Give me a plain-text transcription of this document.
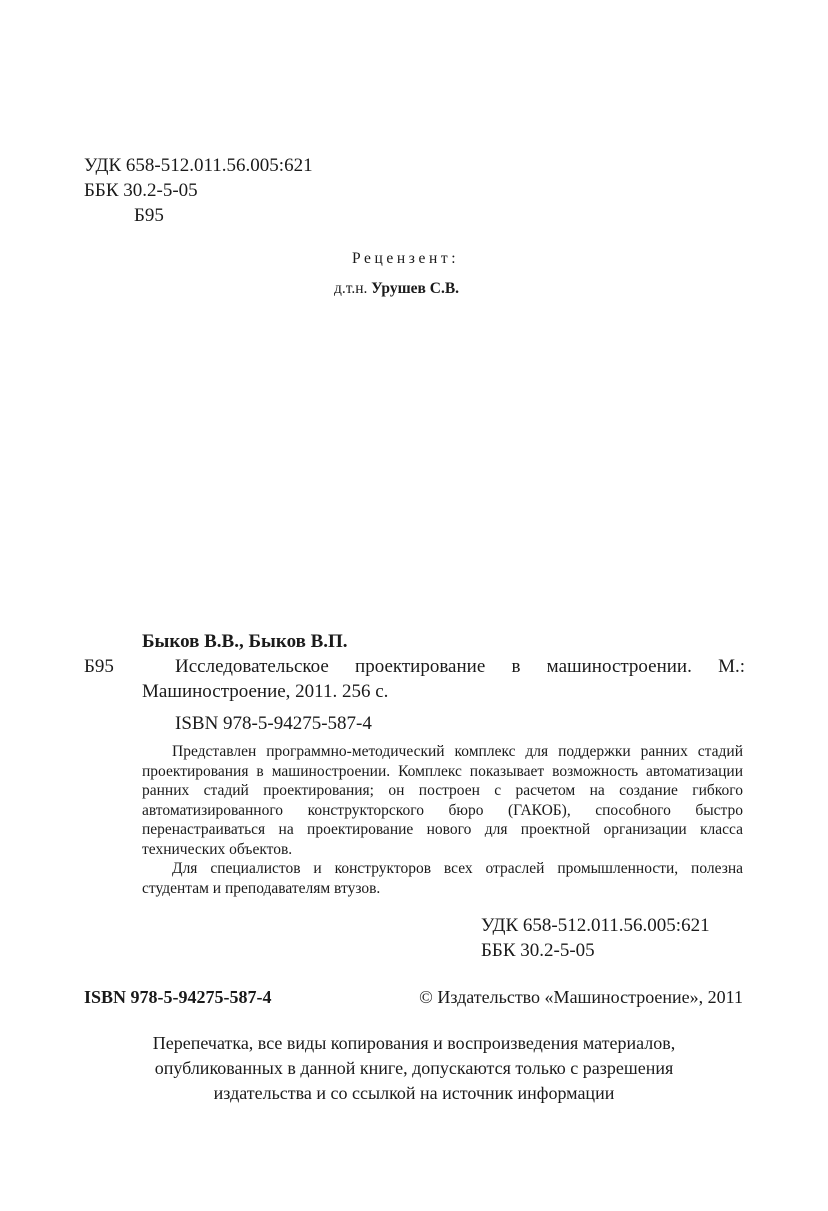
УДК 658-512.011.56.005:621
ББК 30.2-5-05
Б95
Рецензент:
д.т.н. Урушев С.В.
Быков В.В., Быков В.П.
Б95	Исследовательское проектирование в машиностроении. М.:
Машиностроение, 2011. 256 с.
ISBN 978-5-94275-587-4

Представлен программно-методический комплекс для поддержки ранних стадий проектирования в машиностроении. Комплекс показывает возможность автоматизации ранних стадий проектирования; он построен с расчетом на создание гибкого автоматизированного конструкторского бюро (ГАКОБ), способного быстро перенастраиваться на проектирование нового для проектной организации класса технических объектов.

Для специалистов и конструкторов всех отраслей промышленности, полезна студентам и преподавателям втузов.

УДК 658-512.011.56.005:621
ББК 30.2-5-05
ISBN 978-5-94275-587-4	© Издательство «Машиностроение», 2011
Перепечатка, все виды копирования и воспроизведения материалов,
опубликованных в данной книге, допускаются только с разрешения
издательства и со ссылкой на источник информации
